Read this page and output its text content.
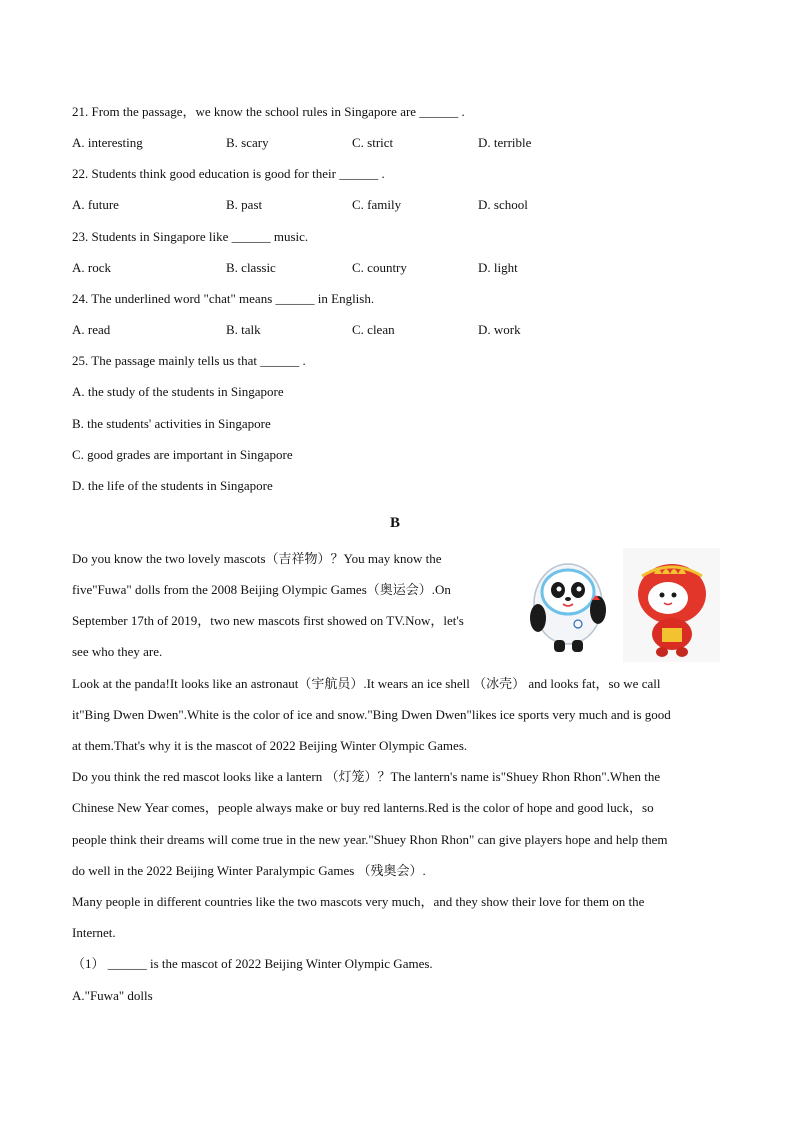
21. From the passage，we know the school rules in Singapore are ______ .
A. interesting	B. scary	C. strict	D. terrible
22. Students think good education is good for their ______ .
A. future	B. past	C. family	D. school
23. Students in Singapore like ______ music.
A. rock	B. classic	C. country	D. light
24. The underlined word "chat" means ______ in English.
A. read	B. talk	C. clean	D. work
25. The passage mainly tells us that ______ .
A. the study of the students in Singapore
B. the students' activities in Singapore
C. good grades are important in Singapore
D. the life of the students in Singapore
B
Do you know the two lovely mascots（吉祥物）？You may know the
five"Fuwa" dolls from the 2008 Beijing Olympic Games（奥运会）.On
September 17th of 2019，two new mascots first showed on TV.Now，let's
see who they are.
Look at the panda!It looks like an astronaut（宇航员）.It wears an ice shell （冰壳） and looks fat，so we call
it"Bing Dwen Dwen".White is the color of ice and snow."Bing Dwen Dwen"likes ice sports very much and is good
at them.That's why it is the mascot of 2022 Beijing Winter Olympic Games.
Do you think the red mascot looks like a lantern （灯笼）？The lantern's name is"Shuey Rhon Rhon".When the
Chinese New Year comes，people always make or buy red lanterns.Red is the color of hope and good luck，so
people think their dreams will come true in the new year."Shuey Rhon Rhon" can give players hope and help them
do well in the 2022 Beijing Winter Paralympic Games （残奥会）.
Many people in different countries like the two mascots very much，and they show their love for them on the
Internet.
（1） ______ is the mascot of 2022 Beijing Winter Olympic Games.
A."Fuwa" dolls
